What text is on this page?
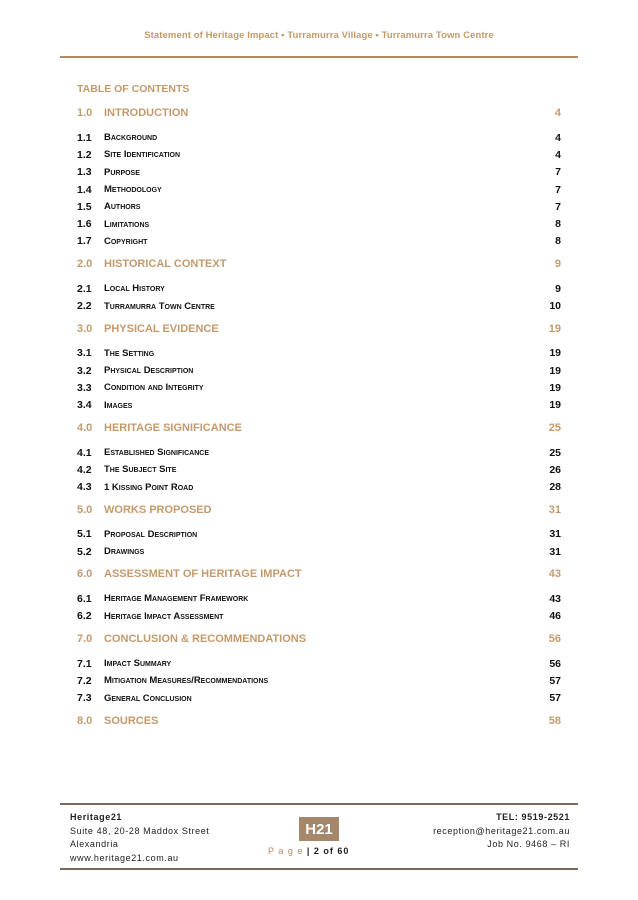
Statement of Heritage Impact • Turramurra Village • Turramurra Town Centre
TABLE OF CONTENTS
1.0	INTRODUCTION	4
1.1	Background	4
1.2	Site Identification	4
1.3	Purpose	7
1.4	Methodology	7
1.5	Authors	7
1.6	Limitations	8
1.7	Copyright	8
2.0	HISTORICAL CONTEXT	9
2.1	Local History	9
2.2	Turramurra Town Centre	10
3.0	PHYSICAL EVIDENCE	19
3.1	The Setting	19
3.2	Physical Description	19
3.3	Condition and Integrity	19
3.4	Images	19
4.0	HERITAGE SIGNIFICANCE	25
4.1	Established Significance	25
4.2	The Subject Site	26
4.3	1 Kissing Point Road	28
5.0	WORKS PROPOSED	31
5.1	Proposal Description	31
5.2	Drawings	31
6.0	ASSESSMENT OF HERITAGE IMPACT	43
6.1	Heritage Management Framework	43
6.2	Heritage Impact Assessment	46
7.0	CONCLUSION & RECOMMENDATIONS	56
7.1	Impact Summary	56
7.2	Mitigation Measures/Recommendations	57
7.3	General Conclusion	57
8.0	SOURCES	58
Heritage21
Suite 48, 20-28 Maddox Street
Alexandria
www.heritage21.com.au
H21
P a g e | 2 of 60
TEL: 9519-2521
reception@heritage21.com.au
Job No. 9468 – RI
